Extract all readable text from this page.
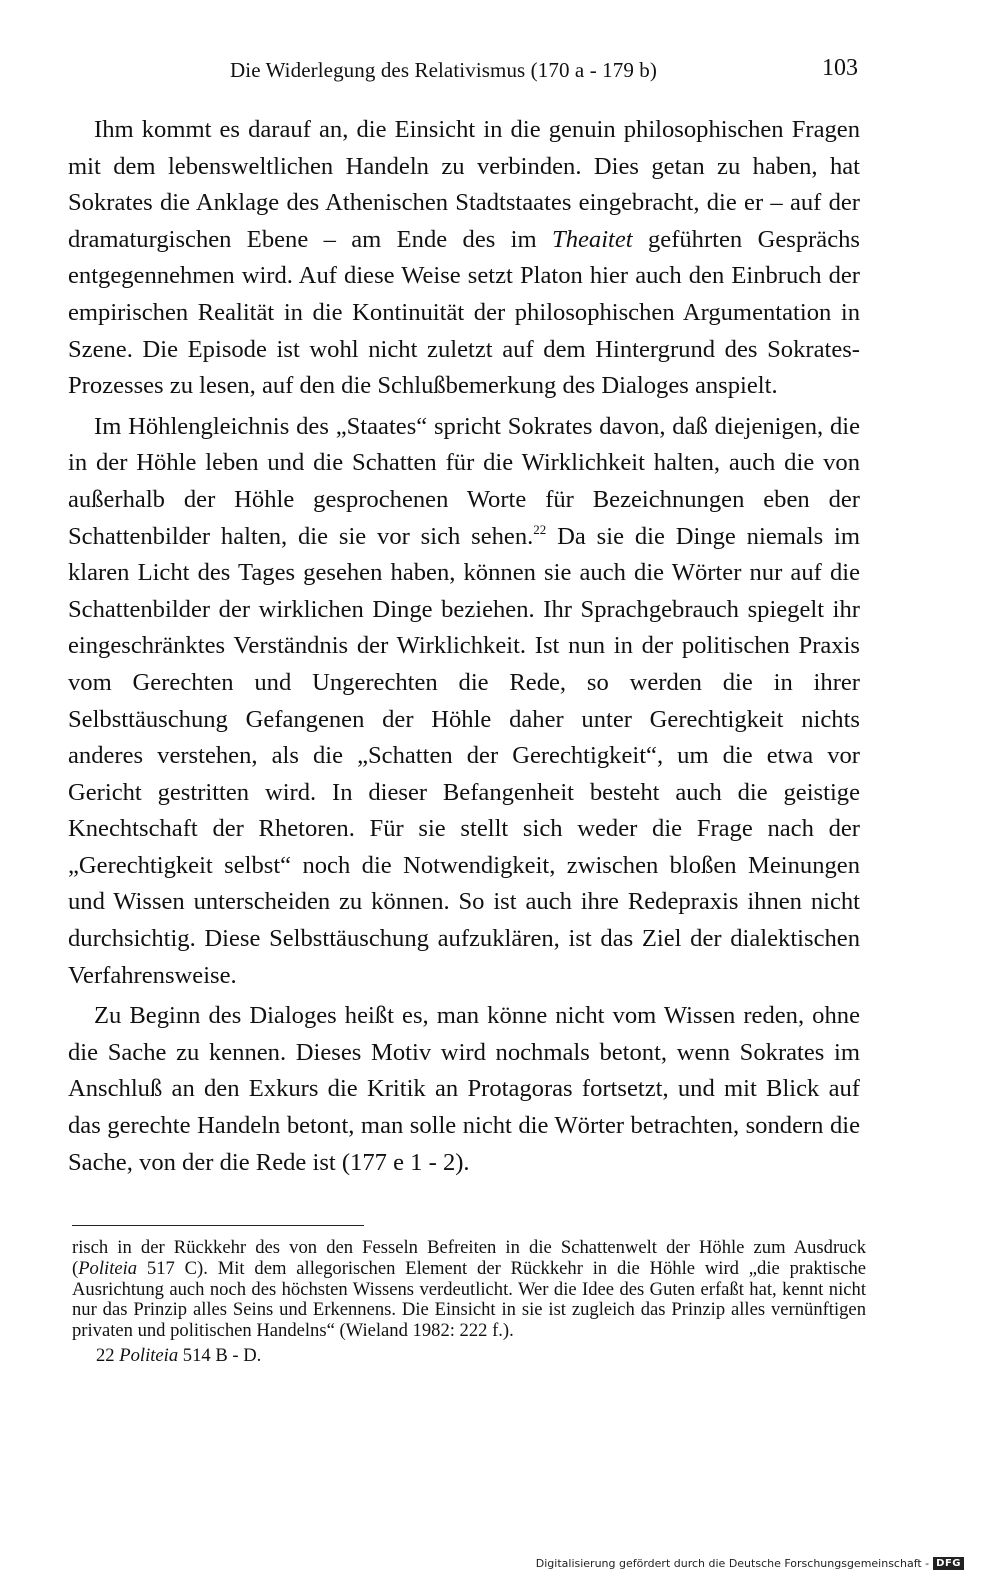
Die Widerlegung des Relativismus (170 a - 179 b)	103

Ihm kommt es darauf an, die Einsicht in die genuin philosophischen Fragen mit dem lebensweltlichen Handeln zu verbinden. Dies getan zu haben, hat Sokrates die Anklage des Athenischen Stadtstaates eingebracht, die er – auf der dramaturgischen Ebene – am Ende des im Theaitet geführten Gesprächs entgegennehmen wird. Auf diese Weise setzt Platon hier auch den Einbruch der empirischen Realität in die Kontinuität der philosophischen Argumentation in Szene. Die Episode ist wohl nicht zuletzt auf dem Hintergrund des Sokrates-Prozesses zu lesen, auf den die Schlußbemerkung des Dialoges anspielt.

Im Höhlengleichnis des „Staates“ spricht Sokrates davon, daß diejenigen, die in der Höhle leben und die Schatten für die Wirklichkeit halten, auch die von außerhalb der Höhle gesprochenen Worte für Bezeichnungen eben der Schattenbilder halten, die sie vor sich sehen.$^{22}$ Da sie die Dinge niemals im klaren Licht des Tages gesehen haben, können sie auch die Wörter nur auf die Schattenbilder der wirklichen Dinge beziehen. Ihr Sprachgebrauch spiegelt ihr eingeschränktes Verständnis der Wirklichkeit. Ist nun in der politischen Praxis vom Gerechten und Ungerechten die Rede, so werden die in ihrer Selbsttäuschung Gefangenen der Höhle daher unter Gerechtigkeit nichts anderes verstehen, als die „Schatten der Gerechtigkeit“, um die etwa vor Gericht gestritten wird. In dieser Befangenheit besteht auch die geistige Knechtschaft der Rhetoren. Für sie stellt sich weder die Frage nach der „Gerechtigkeit selbst“ noch die Notwendigkeit, zwischen bloßen Meinungen und Wissen unterscheiden zu können. So ist auch ihre Redepraxis ihnen nicht durchsichtig. Diese Selbsttäuschung aufzuklären, ist das Ziel der dialektischen Verfahrensweise.

Zu Beginn des Dialoges heißt es, man könne nicht vom Wissen reden, ohne die Sache zu kennen. Dieses Motiv wird nochmals betont, wenn Sokrates im Anschluß an den Exkurs die Kritik an Protagoras fortsetzt, und mit Blick auf das gerechte Handeln betont, man solle nicht die Wörter betrachten, sondern die Sache, von der die Rede ist (177 e 1 - 2).

risch in der Rückkehr des von den Fesseln Befreiten in die Schattenwelt der Höhle zum Ausdruck (Politeia 517 C). Mit dem allegorischen Element der Rückkehr in die Höhle wird „die praktische Ausrichtung auch noch des höchsten Wissens verdeutlicht. Wer die Idee des Guten erfaßt hat, kennt nicht nur das Prinzip alles Seins und Erkennens. Die Einsicht in sie ist zugleich das Prinzip alles vernünftigen privaten und politischen Handelns“ (Wieland 1982: 222 f.).

22 Politeia 514 B - D.

Digitalisierung gefördert durch die Deutsche Forschungsgemeinschaft - DFG
